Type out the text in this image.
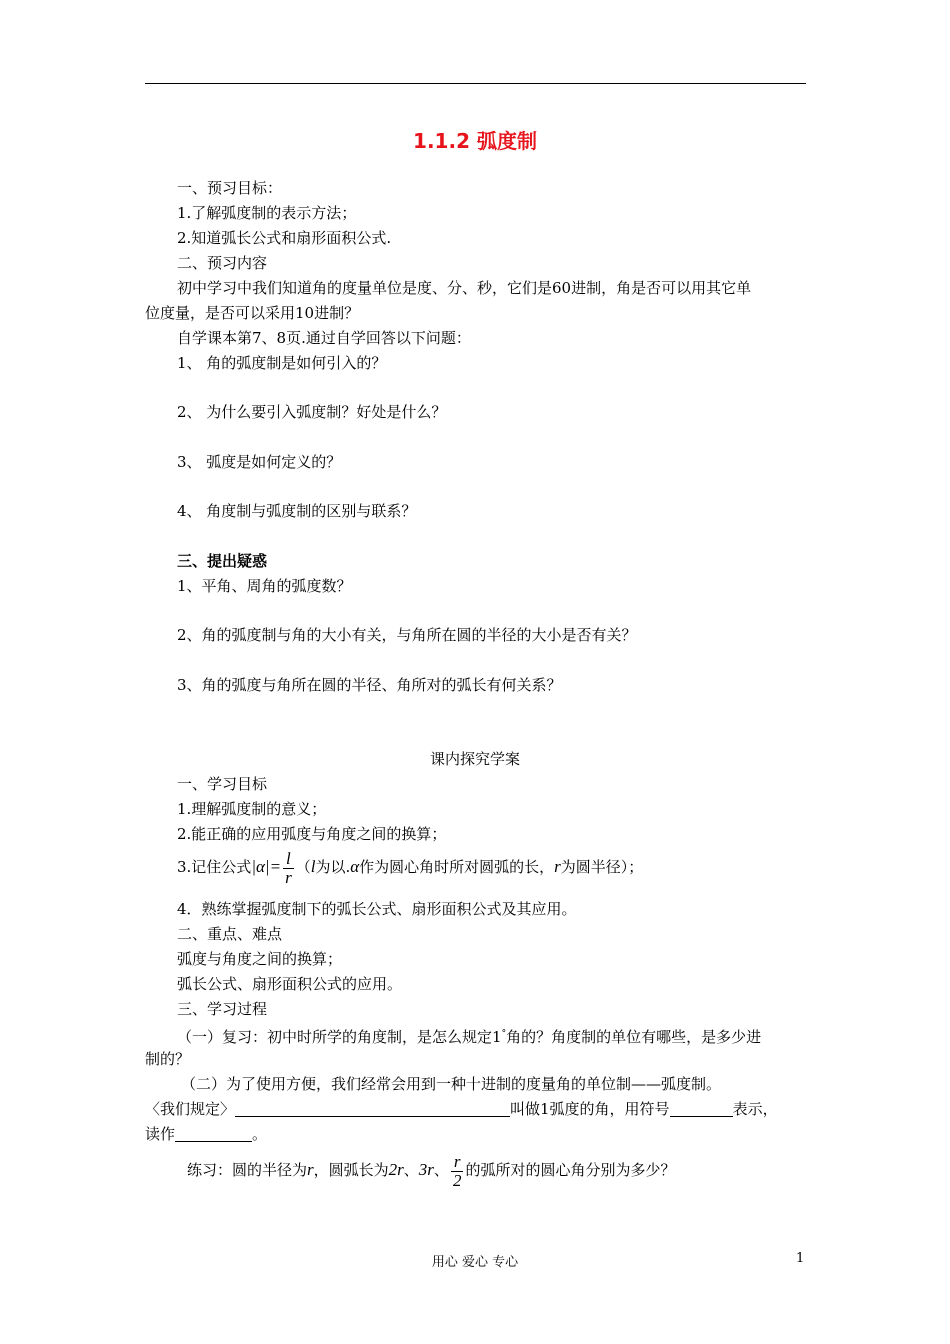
1.1.2 弧度制
一、预习目标：
1.了解弧度制的表示方法；
2.知道弧长公式和扇形面积公式.
二、预习内容
初中学习中我们知道角的度量单位是度、分、秒，它们是60进制，角是否可以用其它单
位度量，是否可以采用10进制？
自学课本第7、8页.通过自学回答以下问题：
1、 角的弧度制是如何引入的？
2、 为什么要引入弧度制？好处是什么？
3、 弧度是如何定义的？
4、 角度制与弧度制的区别与联系？
三、提出疑惑
1、平角、周角的弧度数？
2、角的弧度制与角的大小有关，与角所在圆的半径的大小是否有关？
3、角的弧度与角所在圆的半径、角所对的弧长有何关系？
课内探究学案
一、学习目标
1.理解弧度制的意义；
2.能正确的应用弧度与角度之间的换算；
3.记住公式$|\alpha|= \frac{l}{r} (l$为以.α作为圆心角时所对圆弧的长，r为圆半径）；
4．熟练掌握弧度制下的弧长公式、扇形面积公式及其应用。
二、重点、难点
弧度与角度之间的换算；
弧长公式、扇形面积公式的应用。
三、学习过程
（一）复习：初中时所学的角度制，是怎么规定1°角的？角度制的单位有哪些，是多少进
制的？
（二）为了使用方便，我们经常会用到一种十进制的度量角的单位制——弧度制。
〈我们规定〉	叫做1弧度的角，用符号	表示，
读作	。
练习：圆的半径为r，圆弧长为2r、3r、 $\frac{r}{2}$ 的弧所对的圆心角分别为多少？
用心 爱心 专心	1
